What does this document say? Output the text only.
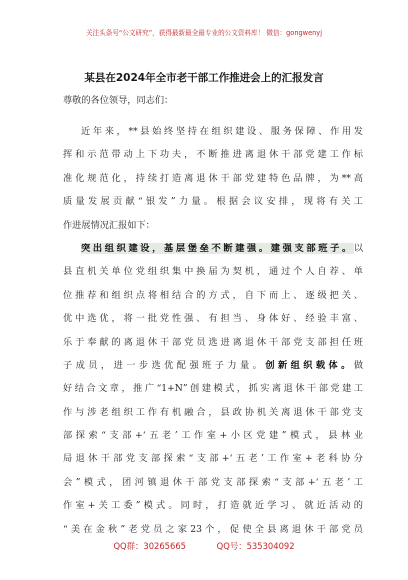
关注头条号“公文研究”，获得最新最全最专业的公文资料库！ 微信：gongwenyj
某县在2024年全市老干部工作推进会上的汇报发言
尊敬的各位领导，同志们：
近年来，**县始终坚持在组织建设、服务保障、作用发
挥和示范带动上下功夫，不断推进离退休干部党建工作标
准化规范化，持续打造离退休干部党建特色品牌，为**高
质量发展贡献“银发”力量。根据会议安排，现将有关工
作进展情况汇报如下：
突出组织建设，基层堡垒不断建强。建强支部班子。以
县直机关单位党组织集中换届为契机，通过个人自荐、单
位推荐和组织点将相结合的方式，自下而上、逐级把关、
优中选优，将一批党性强、有担当、身体好、经验丰富、
乐于奉献的离退休干部党员选进离退休干部党支部担任班
子成员，进一步选优配强班子力量。创新组织载体。做
好结合文章，推广“1+N”创建模式，抓实离退休干部党建工
作与涉老组织工作有机融合，县政协机关离退休干部党支
部探索“支部+‘五老’工作室+小区党建”模式，县林业
局退休干部党支部探索“支部+‘五老’工作室+老科协分
会”模式，团河镇退休干部党支部探索“支部+‘五老’工
作室+关工委”模式。同时，打造就近学习、就近活动的
“美在金秋”老党员之家23个，促使全县离退休干部党员
QQ群：30265665	QQ号：535304092
